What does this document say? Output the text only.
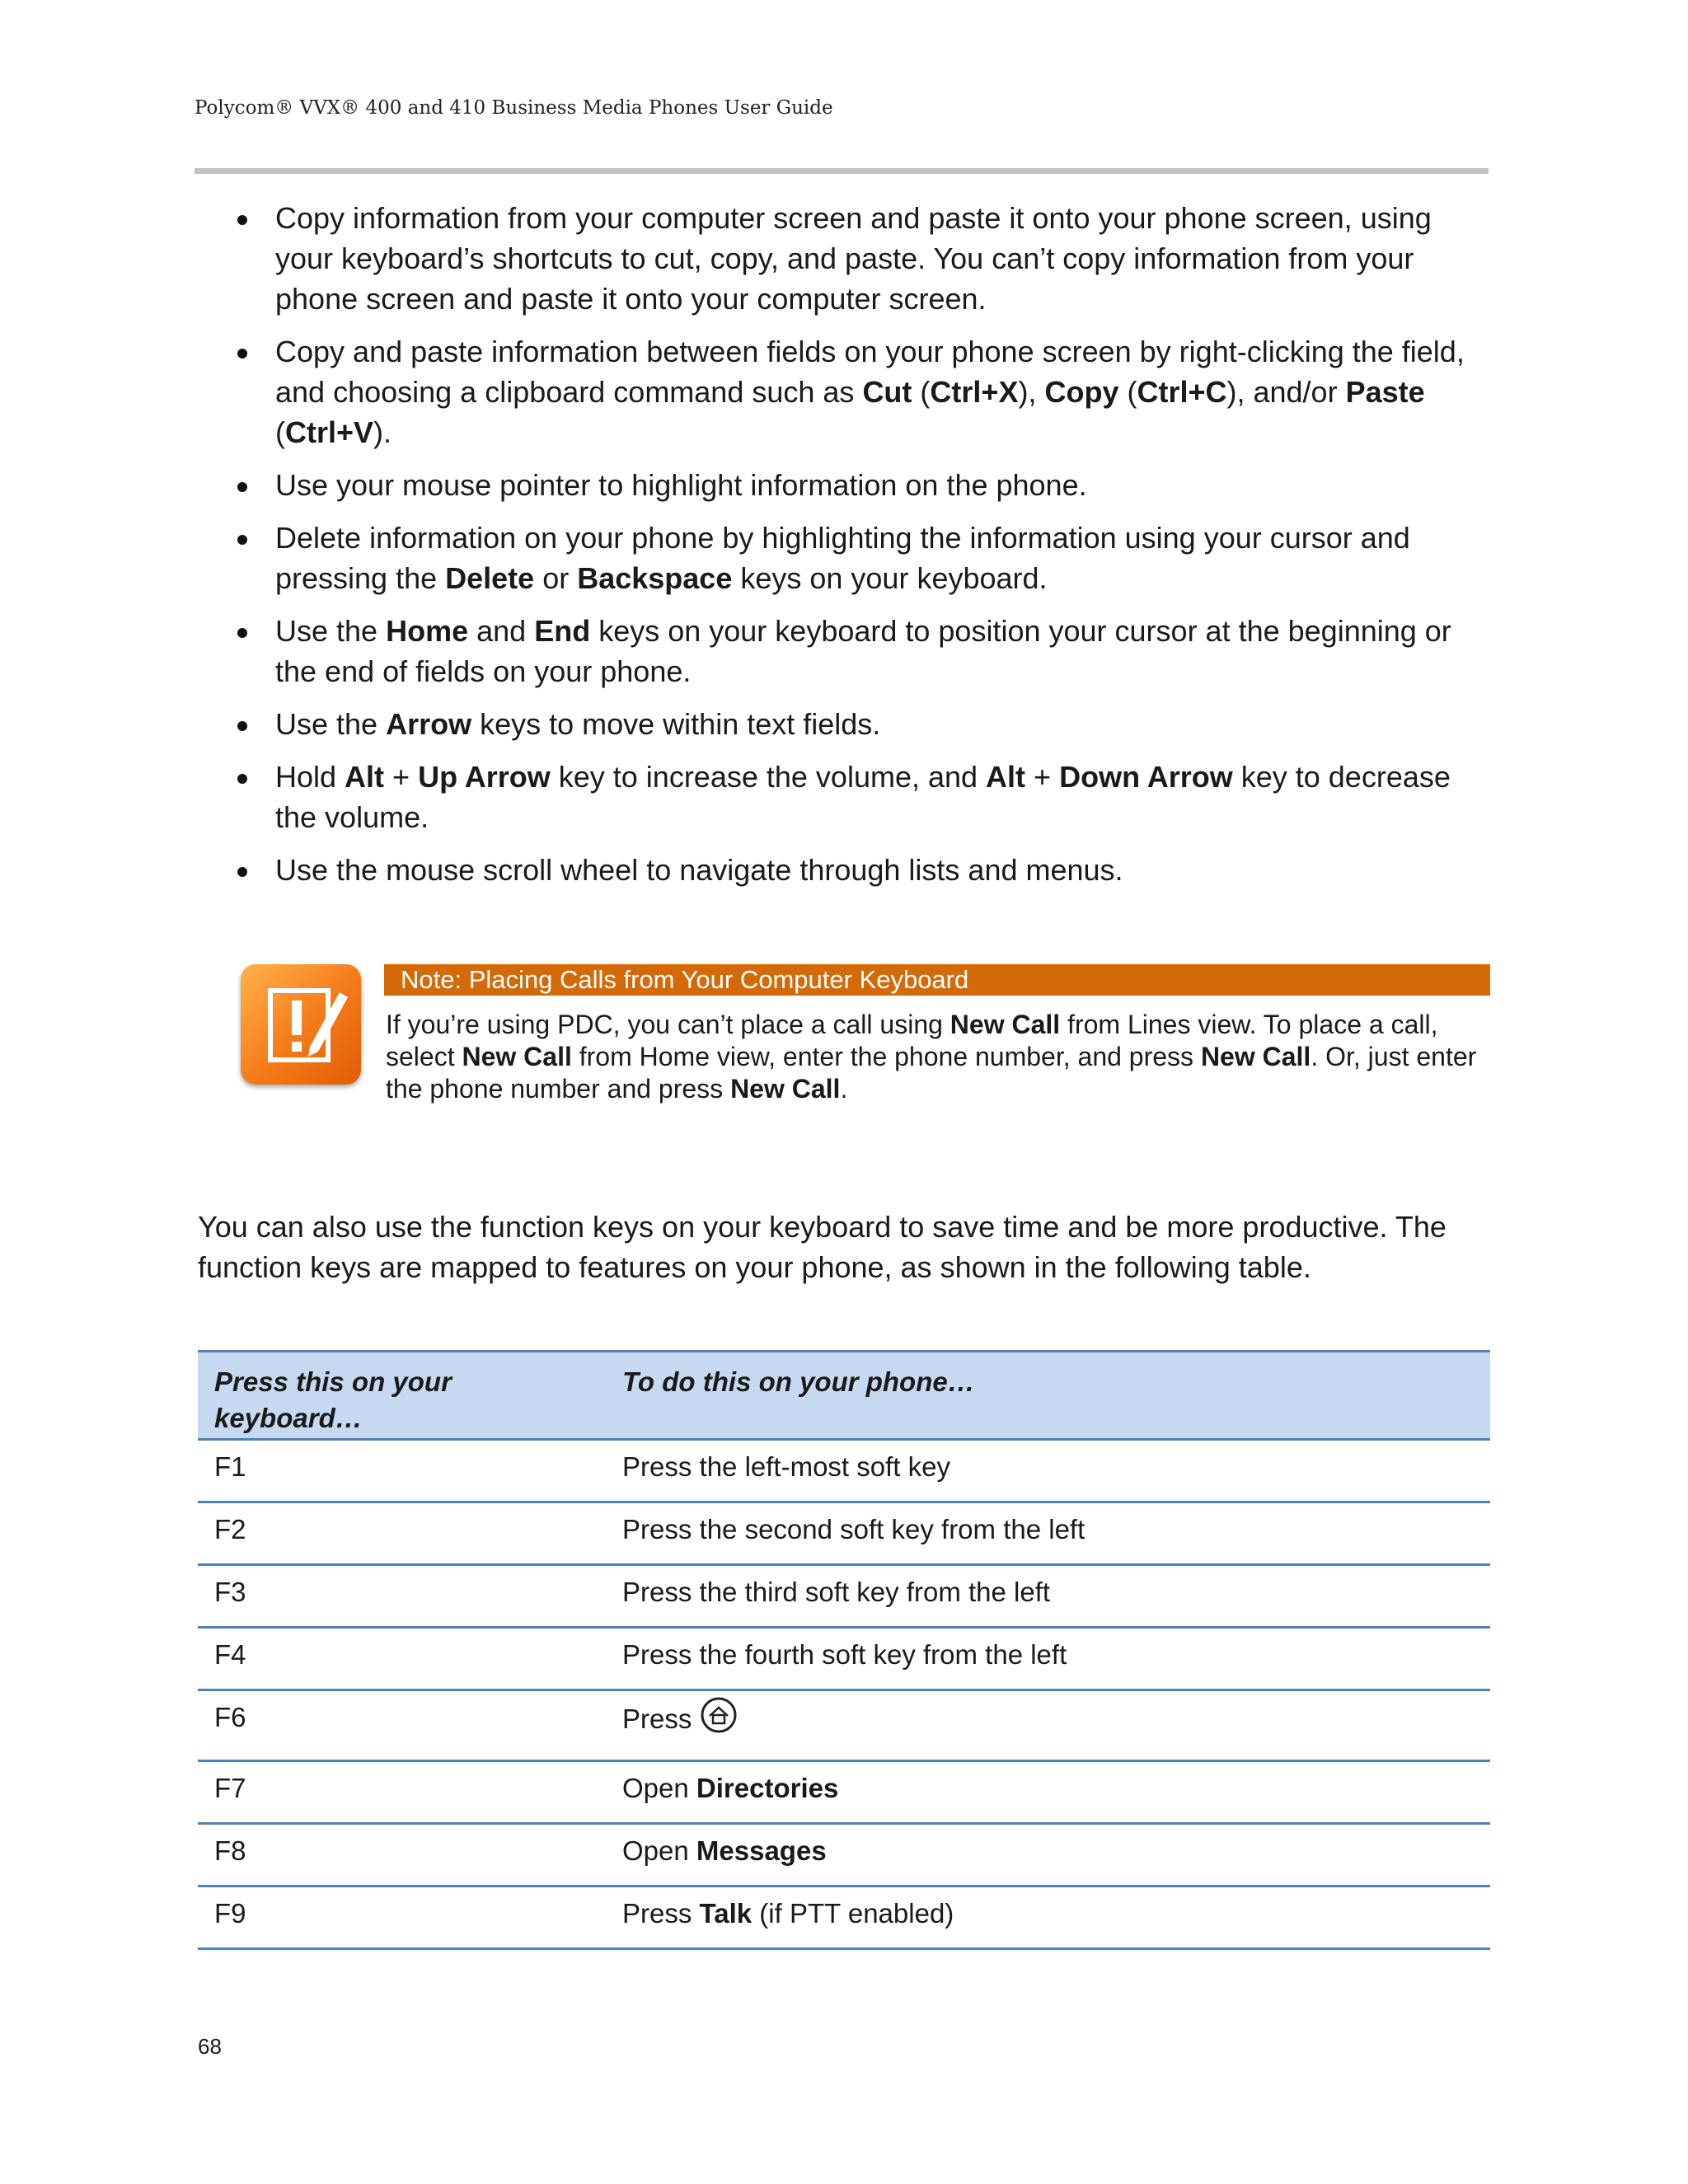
Polycom® VVX® 400 and 410 Business Media Phones User Guide
Copy information from your computer screen and paste it onto your phone screen, using your keyboard’s shortcuts to cut, copy, and paste. You can’t copy information from your phone screen and paste it onto your computer screen.
Copy and paste information between fields on your phone screen by right-clicking the field, and choosing a clipboard command such as Cut (Ctrl+X), Copy (Ctrl+C), and/or Paste (Ctrl+V).
Use your mouse pointer to highlight information on the phone.
Delete information on your phone by highlighting the information using your cursor and pressing the Delete or Backspace keys on your keyboard.
Use the Home and End keys on your keyboard to position your cursor at the beginning or the end of fields on your phone.
Use the Arrow keys to move within text fields.
Hold Alt + Up Arrow key to increase the volume, and Alt + Down Arrow key to decrease the volume.
Use the mouse scroll wheel to navigate through lists and menus.
Note: Placing Calls from Your Computer Keyboard
If you’re using PDC, you can’t place a call using New Call from Lines view. To place a call, select New Call from Home view, enter the phone number, and press New Call. Or, just enter the phone number and press New Call.

You can also use the function keys on your keyboard to save time and be more productive. The function keys are mapped to features on your phone, as shown in the following table.

Press this on your keyboard…	To do this on your phone…
F1	Press the left-most soft key
F2	Press the second soft key from the left
F3	Press the third soft key from the left
F4	Press the fourth soft key from the left
F6	Press
F7	Open Directories
F8	Open Messages
F9	Press Talk (if PTT enabled)
68
